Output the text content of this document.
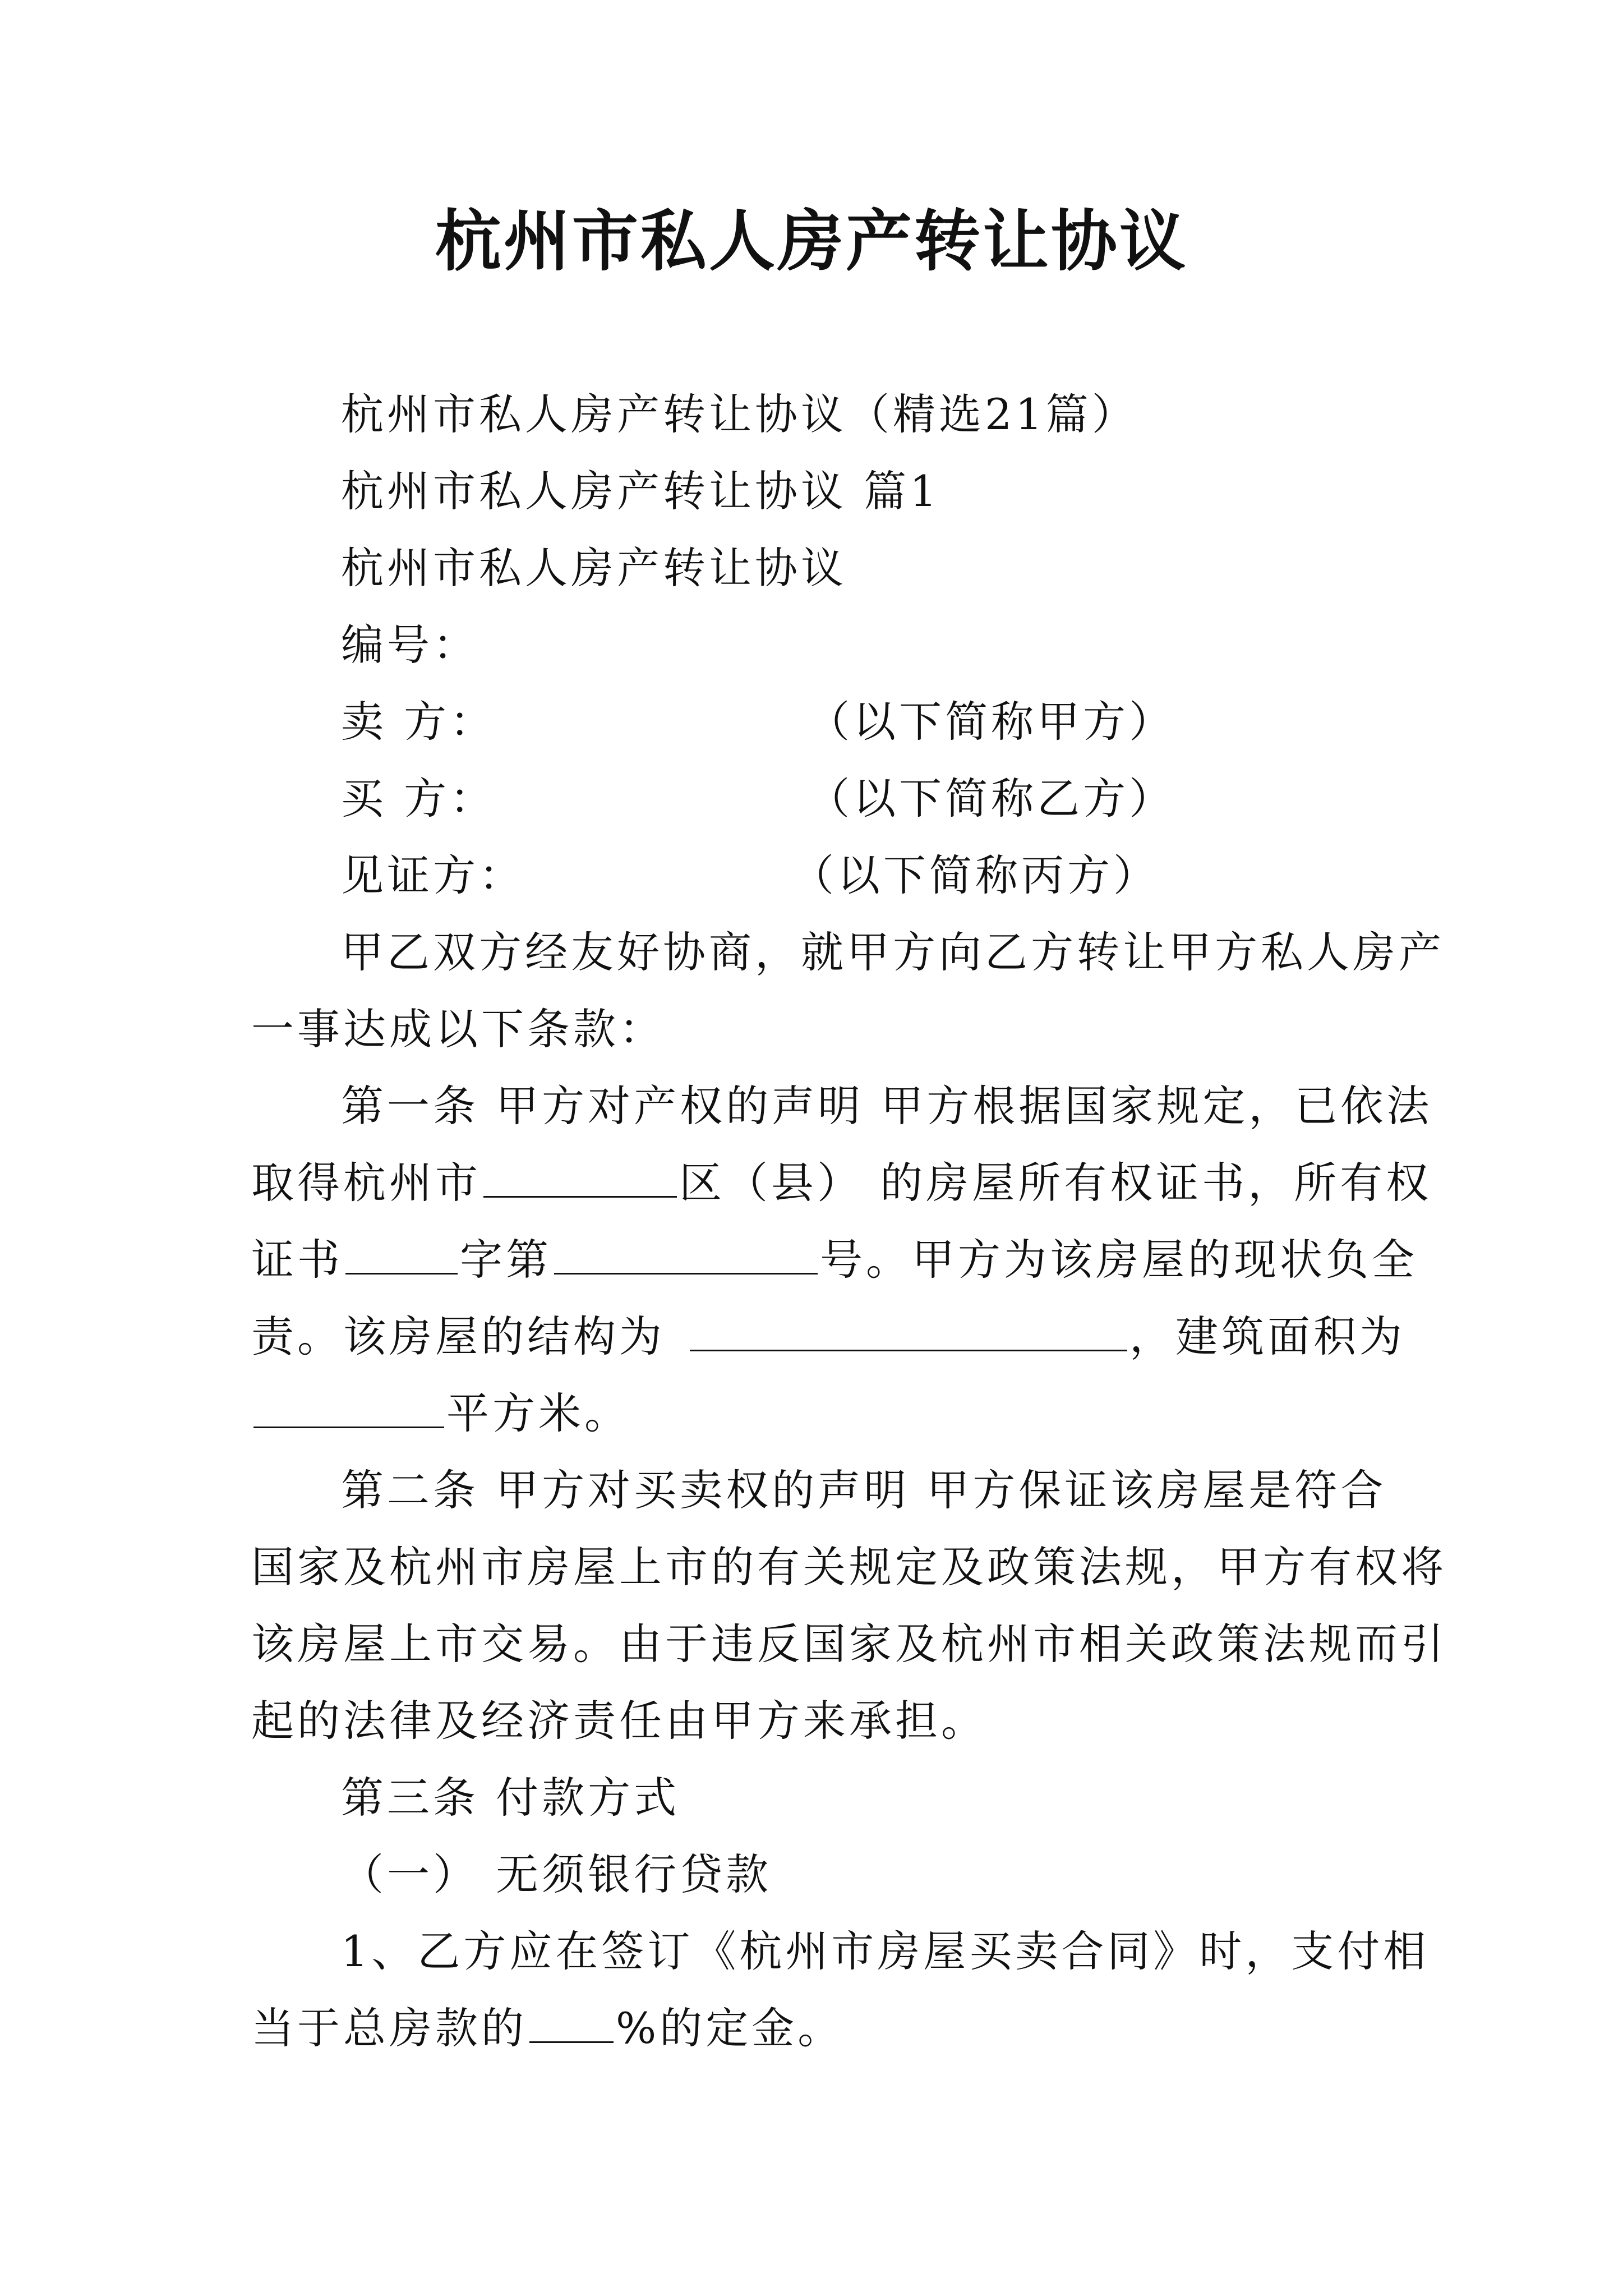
杭州市私人房产转让协议

杭州市私人房产转让协议（精选21篇）

杭州市私人房产转让协议 篇1

杭州市私人房产转让协议

编号：

卖 方：	（以下简称甲方）

买 方：	（以下简称乙方）

见证方：	（以下简称丙方）

甲乙双方经友好协商，就甲方向乙方转让甲方私人房产

一事达成以下条款：

第一条 甲方对产权的声明 甲方根据国家规定，已依法

取得杭州市	区（县） 的房屋所有权证书，所有权

证书	字第	号。甲方为该房屋的现状负全

责。该房屋的结构为	，建筑面积为

平方米。

第二条 甲方对买卖权的声明 甲方保证该房屋是符合

国家及杭州市房屋上市的有关规定及政策法规，甲方有权将

该房屋上市交易。由于违反国家及杭州市相关政策法规而引

起的法律及经济责任由甲方来承担。

第三条 付款方式

（一） 无须银行贷款

1、乙方应在签订《杭州市房屋买卖合同》时，支付相

当于总房款的 %的定金。
